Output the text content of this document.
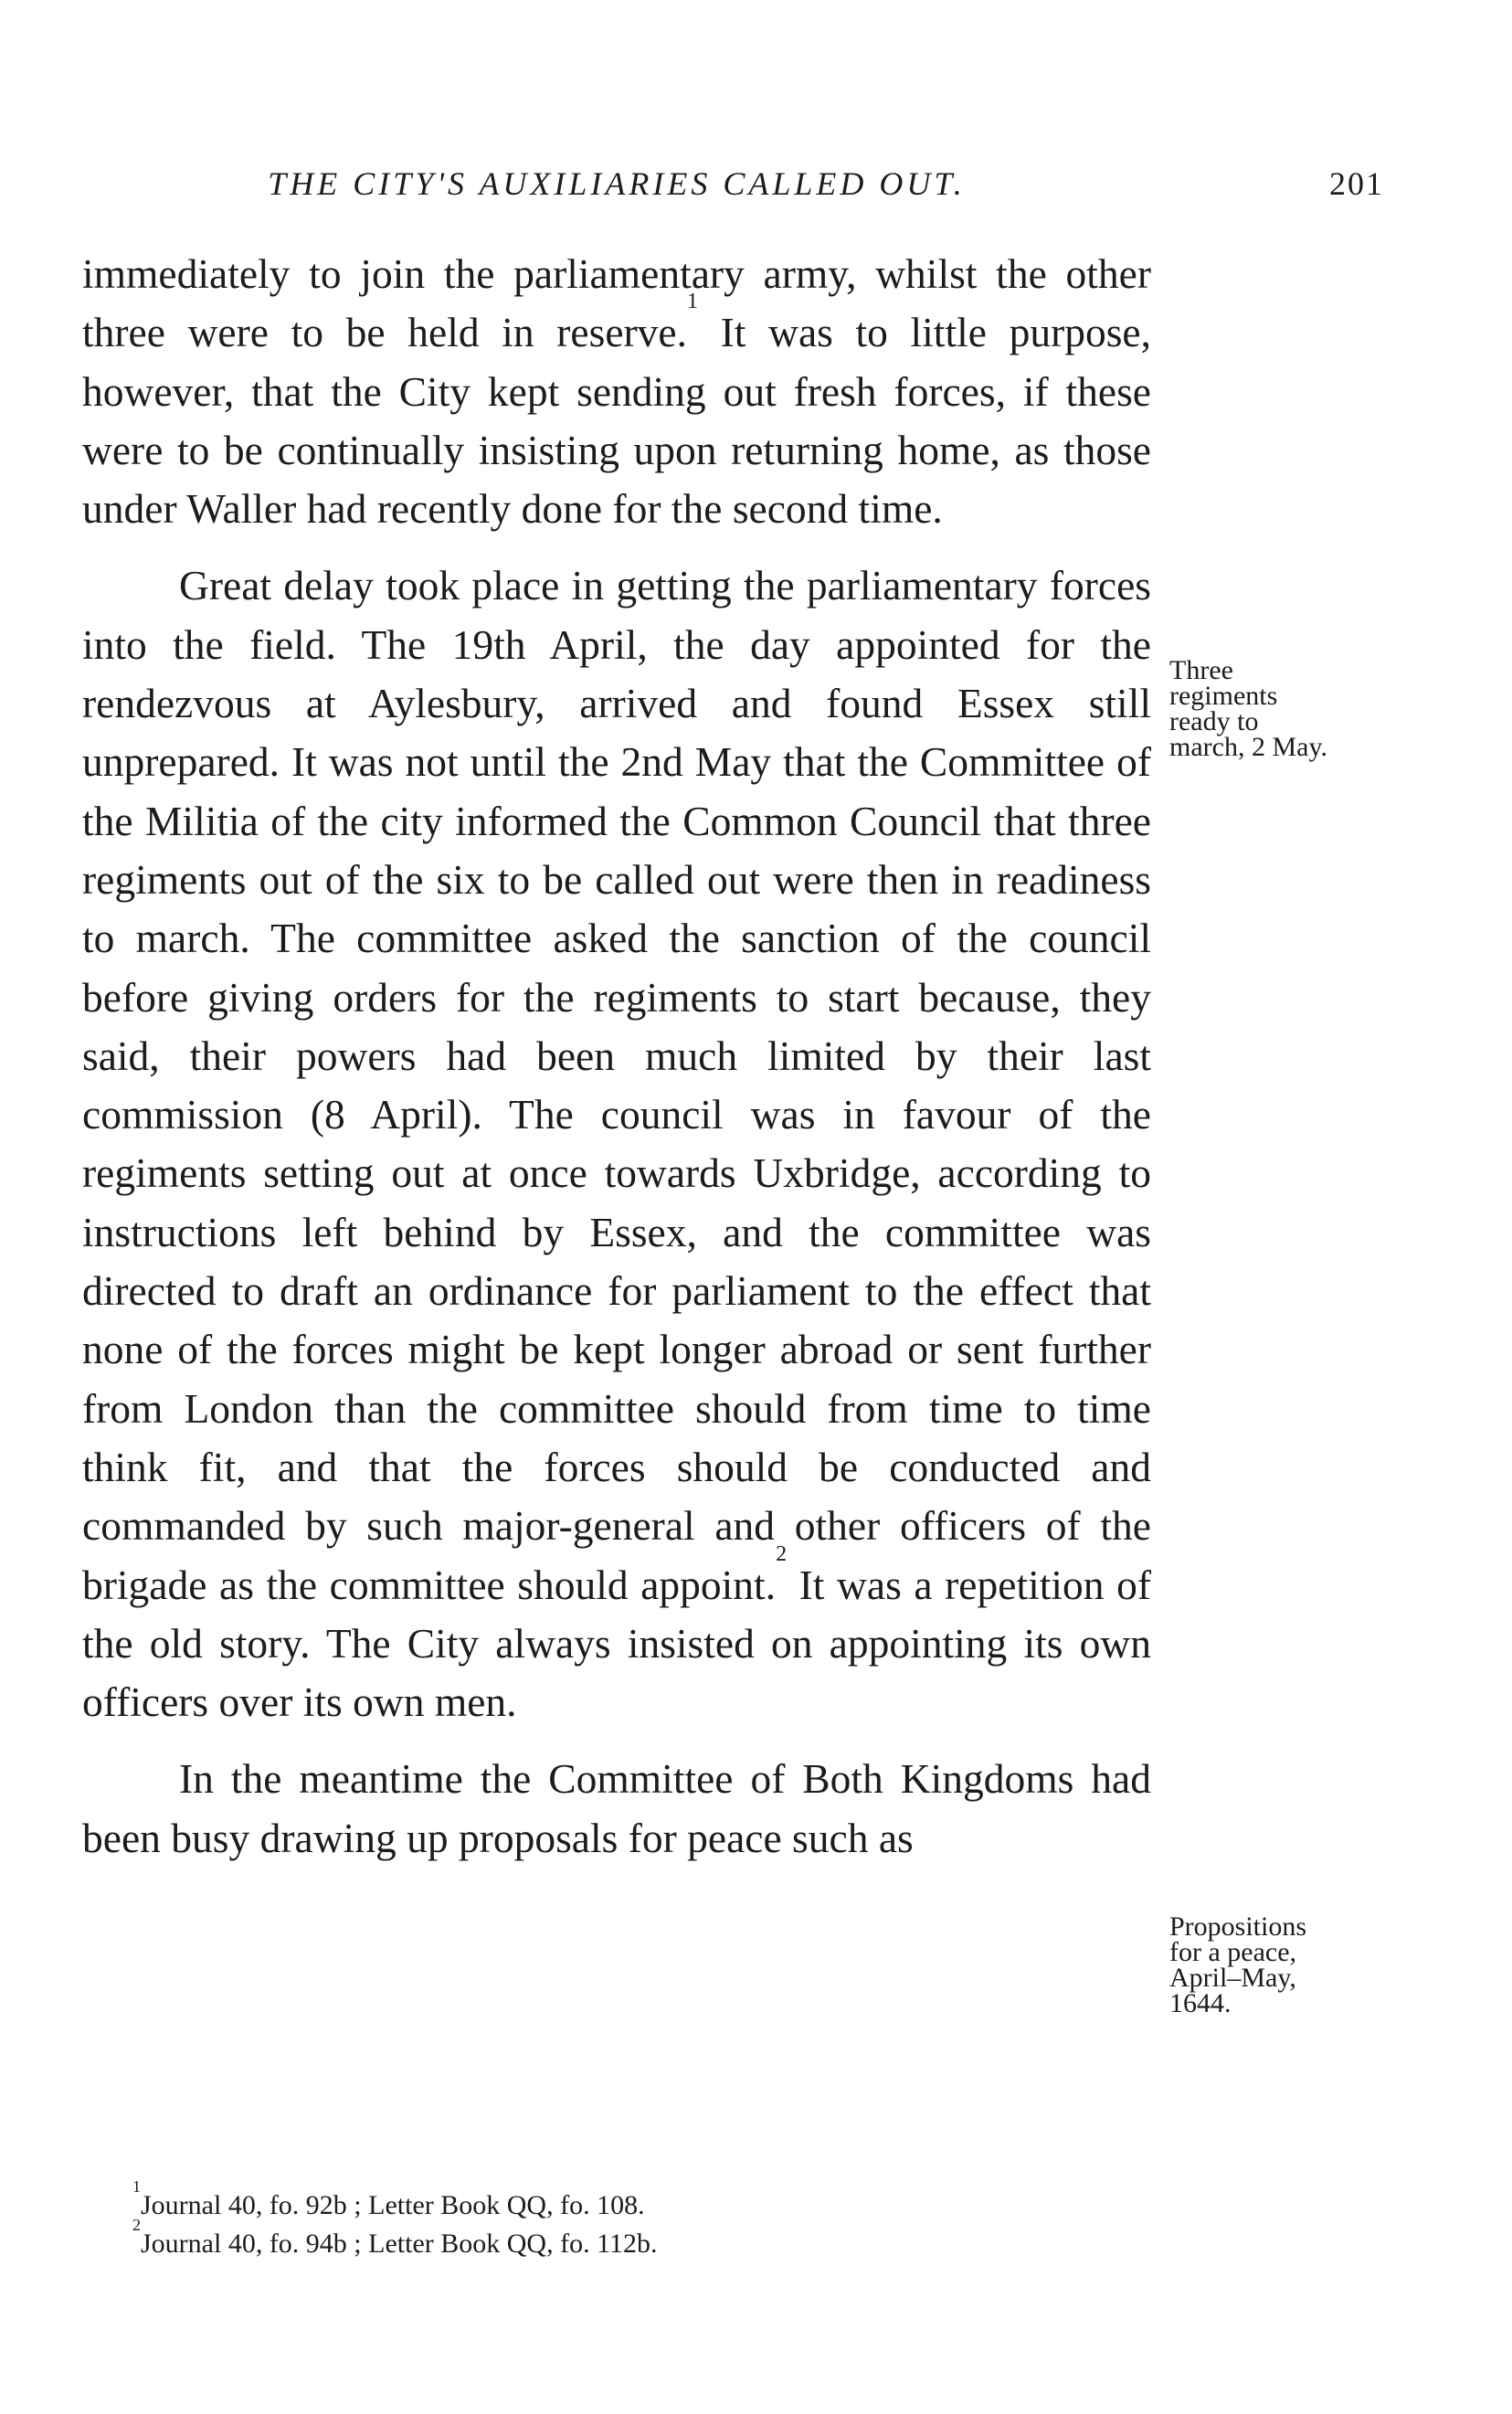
THE CITY'S AUXILIARIES CALLED OUT.	201

immediately to join the parliamentary army, whilst the other three were to be held in reserve.$^1$ It was to little purpose, however, that the City kept sending out fresh forces, if these were to be continually insisting upon returning home, as those under Waller had recently done for the second time.

Great delay took place in getting the parliamentary forces into the field. The 19th April, the day appointed for the rendezvous at Aylesbury, arrived and found Essex still unprepared. It was not until the 2nd May that the Committee of the Militia of the city informed the Common Council that three regiments out of the six to be called out were then in readiness to march. The committee asked the sanction of the council before giving orders for the regiments to start because, they said, their powers had been much limited by their last commission (8 April). The council was in favour of the regiments setting out at once towards Uxbridge, according to instructions left behind by Essex, and the committee was directed to draft an ordinance for parliament to the effect that none of the forces might be kept longer abroad or sent further from London than the committee should from time to time think fit, and that the forces should be conducted and commanded by such major-general and other officers of the brigade as the committee should appoint.$^2$ It was a repetition of the old story. The City always insisted on appointing its own officers over its own men.

In the meantime the Committee of Both Kingdoms had been busy drawing up proposals for peace such as

Three
regiments
ready to
march, 2 May.
Propositions
for a peace,
April–May,
1644.
$^1$Journal 40, fo. 92b ; Letter Book QQ, fo. 108.
$^2$Journal 40, fo. 94b ; Letter Book QQ, fo. 112b.
